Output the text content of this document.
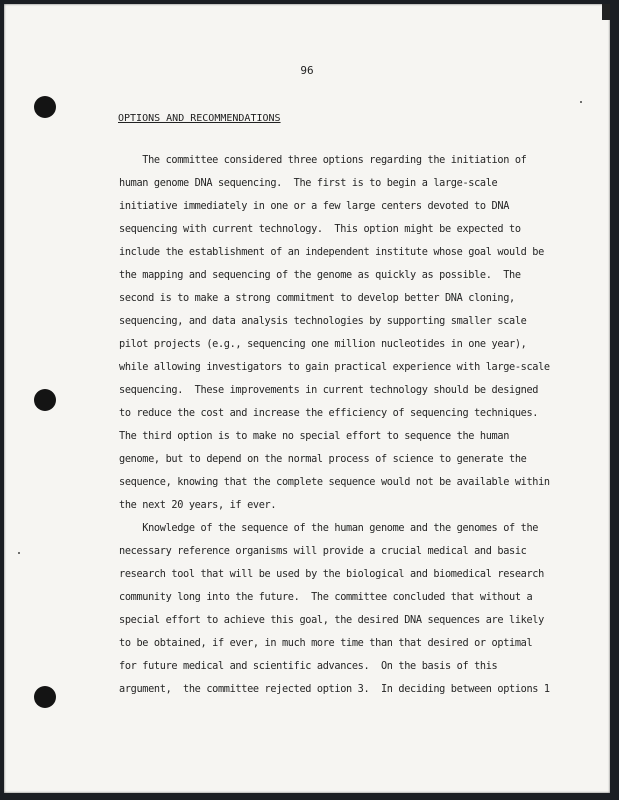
96
OPTIONS AND RECOMMENDATIONS
The committee considered three options regarding the initiation of
human genome DNA sequencing.  The first is to begin a large-scale
initiative immediately in one or a few large centers devoted to DNA
sequencing with current technology.  This option might be expected to
include the establishment of an independent institute whose goal would be
the mapping and sequencing of the genome as quickly as possible.  The
second is to make a strong commitment to develop better DNA cloning,
sequencing, and data analysis technologies by supporting smaller scale
pilot projects (e.g., sequencing one million nucleotides in one year),
while allowing investigators to gain practical experience with large-scale
sequencing.  These improvements in current technology should be designed
to reduce the cost and increase the efficiency of sequencing techniques.
The third option is to make no special effort to sequence the human
genome, but to depend on the normal process of science to generate the
sequence, knowing that the complete sequence would not be available within
the next 20 years, if ever.
Knowledge of the sequence of the human genome and the genomes of the
necessary reference organisms will provide a crucial medical and basic
research tool that will be used by the biological and biomedical research
community long into the future.  The committee concluded that without a
special effort to achieve this goal, the desired DNA sequences are likely
to be obtained, if ever, in much more time than that desired or optimal
for future medical and scientific advances.  On the basis of this
argument,  the committee rejected option 3.  In deciding between options 1
